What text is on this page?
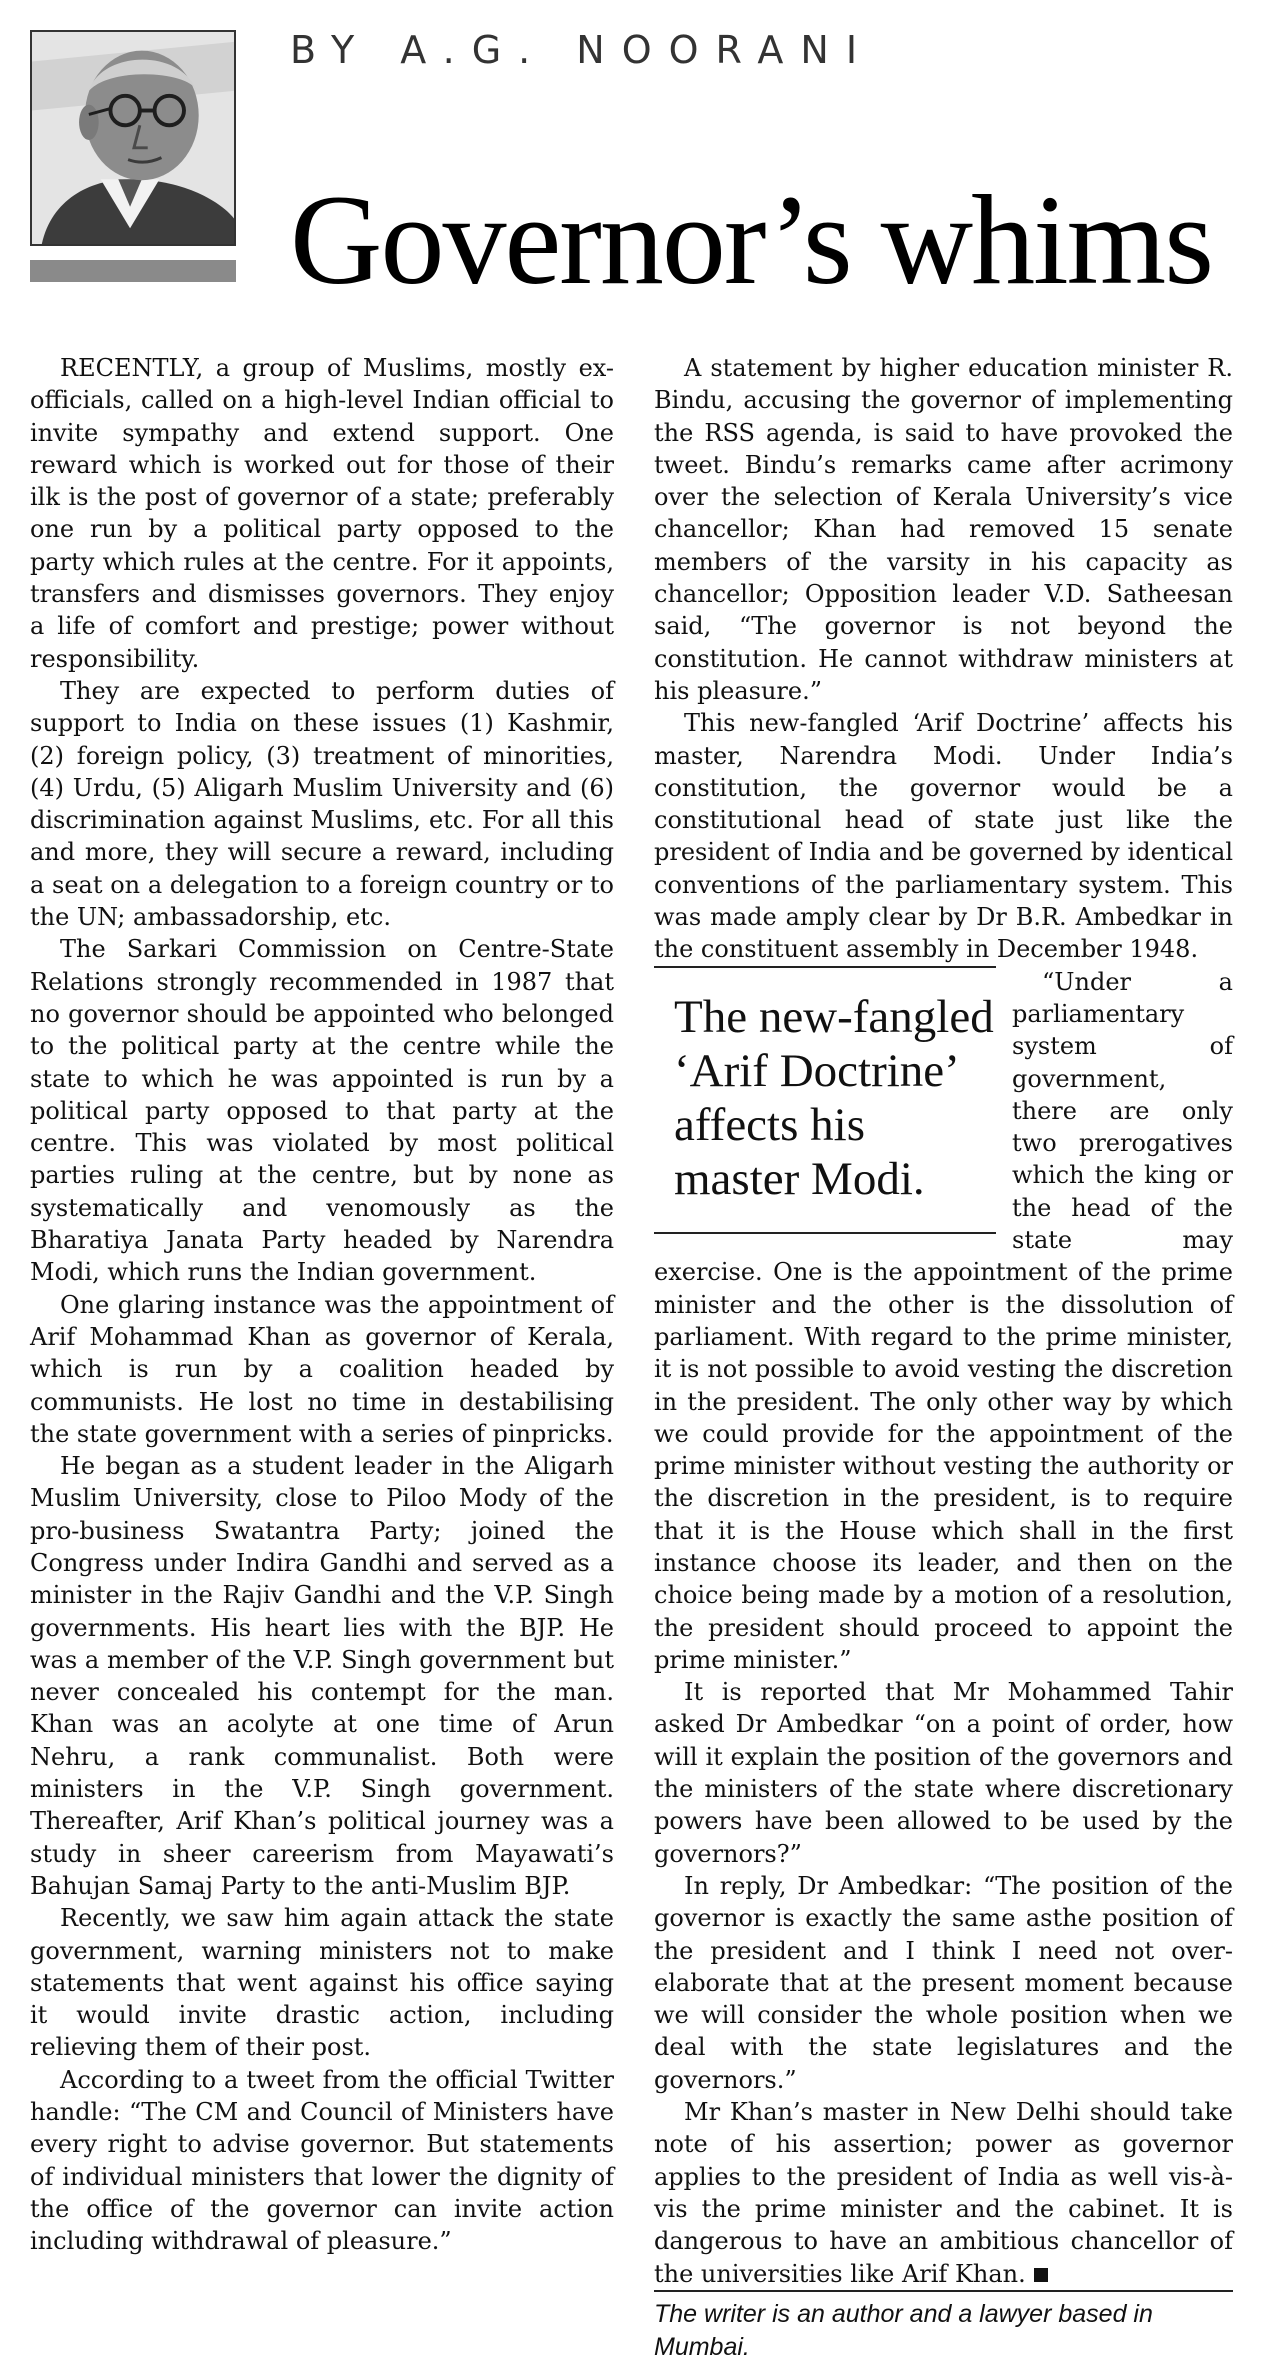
BY A.G. NOORANI
Governor’s whims

RECENTLY, a group of Muslims, mostly ex-officials, called on a high-level Indian official to invite sympathy and extend support. One reward which is worked out for those of their ilk is the post of governor of a state; preferably one run by a political party opposed to the party which rules at the centre. For it appoints, transfers and dismisses governors. They enjoy a life of comfort and prestige; power without responsibility.

They are expected to perform duties of support to India on these issues (1) Kashmir, (2) foreign policy, (3) treatment of minorities, (4) Urdu, (5) Aligarh Muslim University and (6) discrimination against Muslims, etc. For all this and more, they will secure a reward, including a seat on a delegation to a foreign country or to the UN; ambassadorship, etc.

The Sarkari Commission on Centre-State Relations strongly recommended in 1987 that no governor should be appointed who belonged to the political party at the centre while the state to which he was appointed is run by a political party opposed to that party at the centre. This was violated by most political parties ruling at the centre, but by none as systematically and venomously as the Bharatiya Janata Party headed by Narendra Modi, which runs the Indian government.

One glaring instance was the appointment of Arif Mohammad Khan as governor of Kerala, which is run by a coalition headed by communists. He lost no time in destabilising the state government with a series of pinpricks.

He began as a student leader in the Aligarh Muslim University, close to Piloo Mody of the pro-business Swatantra Party; joined the Congress under Indira Gandhi and served as a minister in the Rajiv Gandhi and the V.P. Singh governments. His heart lies with the BJP. He was a member of the V.P. Singh government but never concealed his contempt for the man. Khan was an acolyte at one time of Arun Nehru, a rank communalist. Both were ministers in the V.P. Singh government. Thereafter, Arif Khan’s political journey was a study in sheer careerism from Mayawati’s Bahujan Samaj Party to the anti-Muslim BJP.

Recently, we saw him again attack the state government, warning ministers not to make statements that went against his office saying it would invite drastic action, including relieving them of their post.

According to a tweet from the official Twitter handle: “The CM and Council of Ministers have every right to advise governor. But statements of individual ministers that lower the dignity of the office of the governor can invite action including withdrawal of pleasure.”

A statement by higher education minister R. Bindu, accusing the governor of implementing the RSS agenda, is said to have provoked the tweet. Bindu’s remarks came after acrimony over the selection of Kerala University’s vice chancellor; Khan had removed 15 senate members of the varsity in his capacity as chancellor; Opposition leader V.D. Satheesan said, “The governor is not beyond the constitution. He cannot withdraw ministers at his pleasure.”

This new-fangled ‘Arif Doctrine’ affects his master, Narendra Modi. Under India’s constitution, the governor would be a constitutional head of state just like the president of India and be governed by identical conventions of the parliamentary system. This was made amply clear by Dr B.R. Ambedkar in the constituent assembly in December 1948.

The new-fangled
‘Arif Doctrine’
affects his
master Modi.

“Under a parliamentary system of government, there are only two prerogatives which the king or the head of the state may exercise. One is the appointment of the prime minister and the other is the dissolution of parliament. With regard to the prime minister, it is not possible to avoid vesting the discretion in the president. The only other way by which we could provide for the appointment of the prime minister without vesting the authority or the discretion in the president, is to require that it is the House which shall in the first instance choose its leader, and then on the choice being made by a motion of a resolution, the president should proceed to appoint the prime minister.”

It is reported that Mr Mohammed Tahir asked Dr Ambedkar “on a point of order, how will it explain the position of the governors and the ministers of the state where discretionary powers have been allowed to be used by the governors?”

In reply, Dr Ambedkar: “The position of the governor is exactly the same asthe position of the president and I think I need not over-elaborate that at the present moment because we will consider the whole position when we deal with the state legislatures and the governors.”

Mr Khan’s master in New Delhi should take note of his assertion; power as governor applies to the president of India as well vis-à-vis the prime minister and the cabinet. It is dangerous to have an ambitious chancellor of the universities like Arif Khan.

The writer is an author and a lawyer based in Mumbai.
